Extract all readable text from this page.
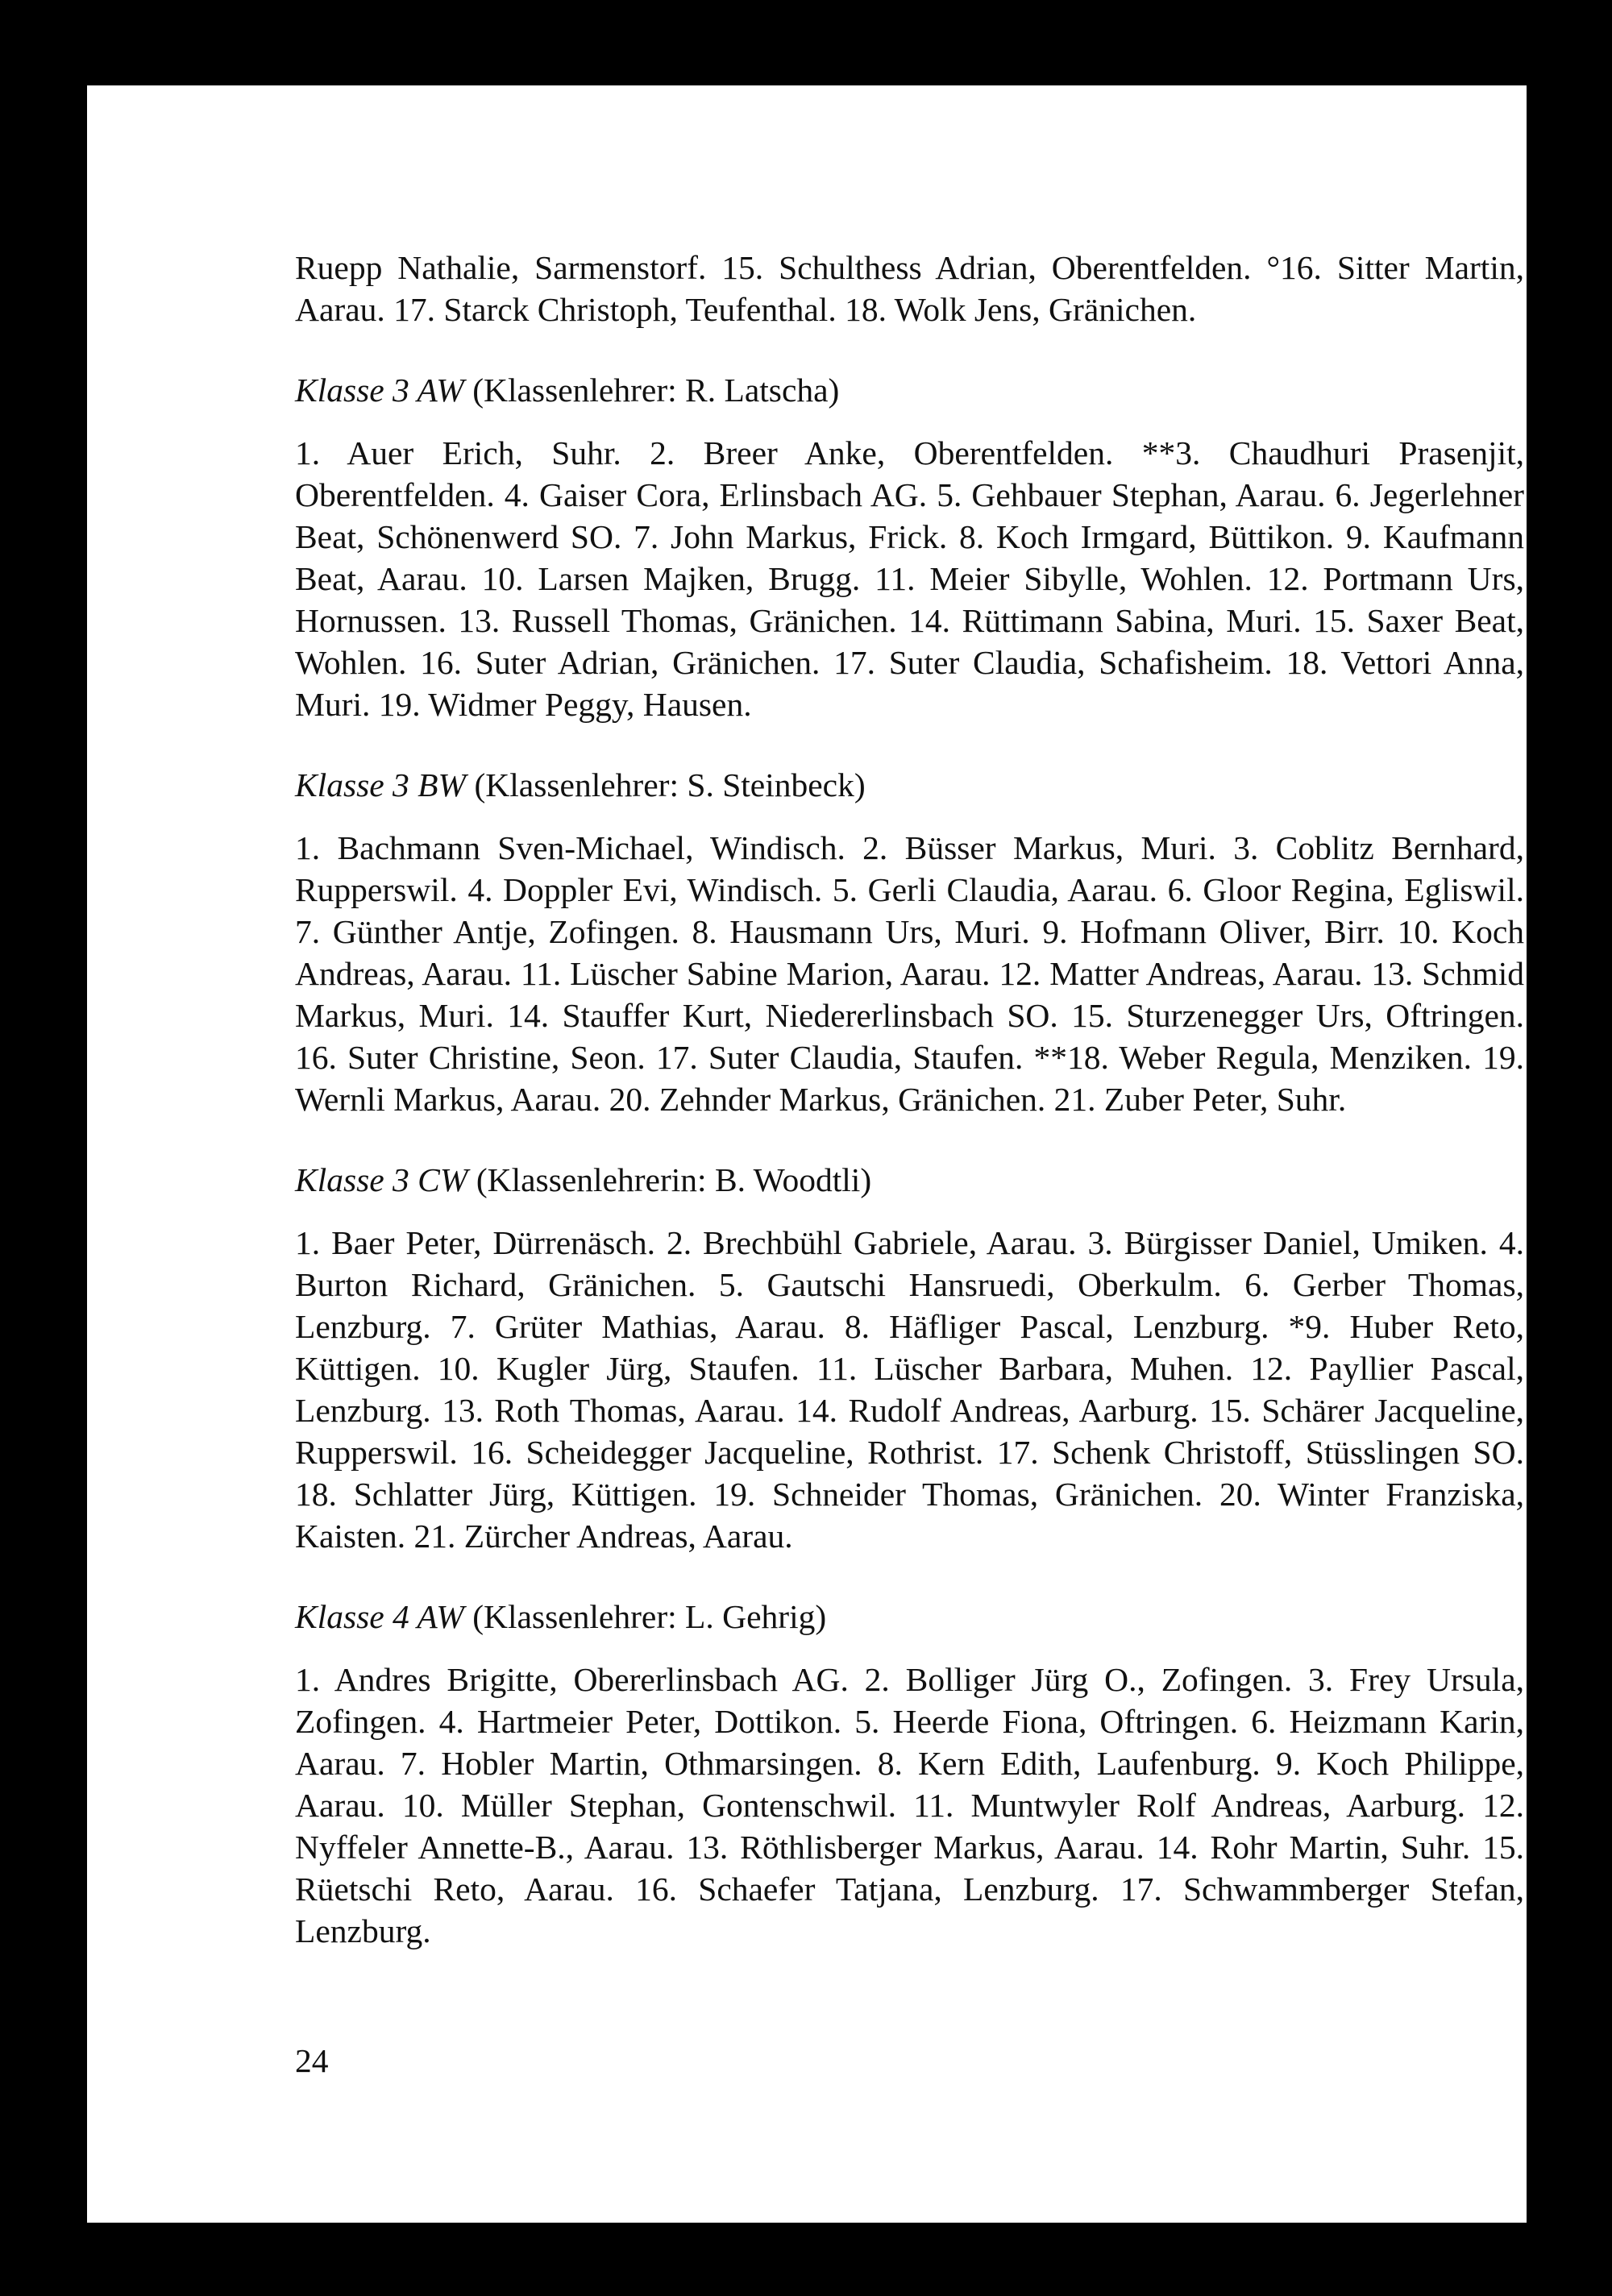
Ruepp Nathalie, Sarmenstorf. 15. Schulthess Adrian, Oberentfelden. °16. Sitter Martin, Aarau. 17. Starck Christoph, Teufenthal. 18. Wolk Jens, Gränichen.

Klasse 3 AW (Klassenlehrer: R. Latscha)

1. Auer Erich, Suhr. 2. Breer Anke, Oberentfelden. **3. Chaudhuri Prasenjit, Oberentfelden. 4. Gaiser Cora, Erlinsbach AG. 5. Gehbauer Stephan, Aarau. 6. Jegerlehner Beat, Schönenwerd SO. 7. John Markus, Frick. 8. Koch Irmgard, Büttikon. 9. Kaufmann Beat, Aarau. 10. Larsen Majken, Brugg. 11. Meier Sibylle, Wohlen. 12. Portmann Urs, Hornussen. 13. Russell Thomas, Gränichen. 14. Rüttimann Sabina, Muri. 15. Saxer Beat, Wohlen. 16. Suter Adrian, Gränichen. 17. Suter Claudia, Schafisheim. 18. Vettori Anna, Muri. 19. Widmer Peggy, Hausen.

Klasse 3 BW (Klassenlehrer: S. Steinbeck)

1. Bachmann Sven-Michael, Windisch. 2. Büsser Markus, Muri. 3. Coblitz Bernhard, Rupperswil. 4. Doppler Evi, Windisch. 5. Gerli Claudia, Aarau. 6. Gloor Regina, Egliswil. 7. Günther Antje, Zofingen. 8. Hausmann Urs, Muri. 9. Hofmann Oliver, Birr. 10. Koch Andreas, Aarau. 11. Lüscher Sabine Marion, Aarau. 12. Matter Andreas, Aarau. 13. Schmid Markus, Muri. 14. Stauffer Kurt, Niedererlinsbach SO. 15. Sturzenegger Urs, Oftringen. 16. Suter Christine, Seon. 17. Suter Claudia, Staufen. **18. Weber Regula, Menziken. 19. Wernli Markus, Aarau. 20. Zehnder Markus, Gränichen. 21. Zuber Peter, Suhr.

Klasse 3 CW (Klassenlehrerin: B. Woodtli)

1. Baer Peter, Dürrenäsch. 2. Brechbühl Gabriele, Aarau. 3. Bürgisser Daniel, Umiken. 4. Burton Richard, Gränichen. 5. Gautschi Hansruedi, Oberkulm. 6. Gerber Thomas, Lenzburg. 7. Grüter Mathias, Aarau. 8. Häfliger Pascal, Lenzburg. *9. Huber Reto, Küttigen. 10. Kugler Jürg, Staufen. 11. Lüscher Barbara, Muhen. 12. Payllier Pascal, Lenzburg. 13. Roth Thomas, Aarau. 14. Rudolf Andreas, Aarburg. 15. Schärer Jacqueline, Rupperswil. 16. Scheidegger Jacqueline, Rothrist. 17. Schenk Christoff, Stüsslingen SO. 18. Schlatter Jürg, Küttigen. 19. Schneider Thomas, Gränichen. 20. Winter Franziska, Kaisten. 21. Zürcher Andreas, Aarau.

Klasse 4 AW (Klassenlehrer: L. Gehrig)

1. Andres Brigitte, Obererlinsbach AG. 2. Bolliger Jürg O., Zofingen. 3. Frey Ursula, Zofingen. 4. Hartmeier Peter, Dottikon. 5. Heerde Fiona, Oftringen. 6. Heizmann Karin, Aarau. 7. Hobler Martin, Othmarsingen. 8. Kern Edith, Laufenburg. 9. Koch Philippe, Aarau. 10. Müller Stephan, Gontenschwil. 11. Muntwyler Rolf Andreas, Aarburg. 12. Nyffeler Annette-B., Aarau. 13. Röthlisberger Markus, Aarau. 14. Rohr Martin, Suhr. 15. Rüetschi Reto, Aarau. 16. Schaefer Tatjana, Lenzburg. 17. Schwammberger Stefan, Lenzburg.

24
